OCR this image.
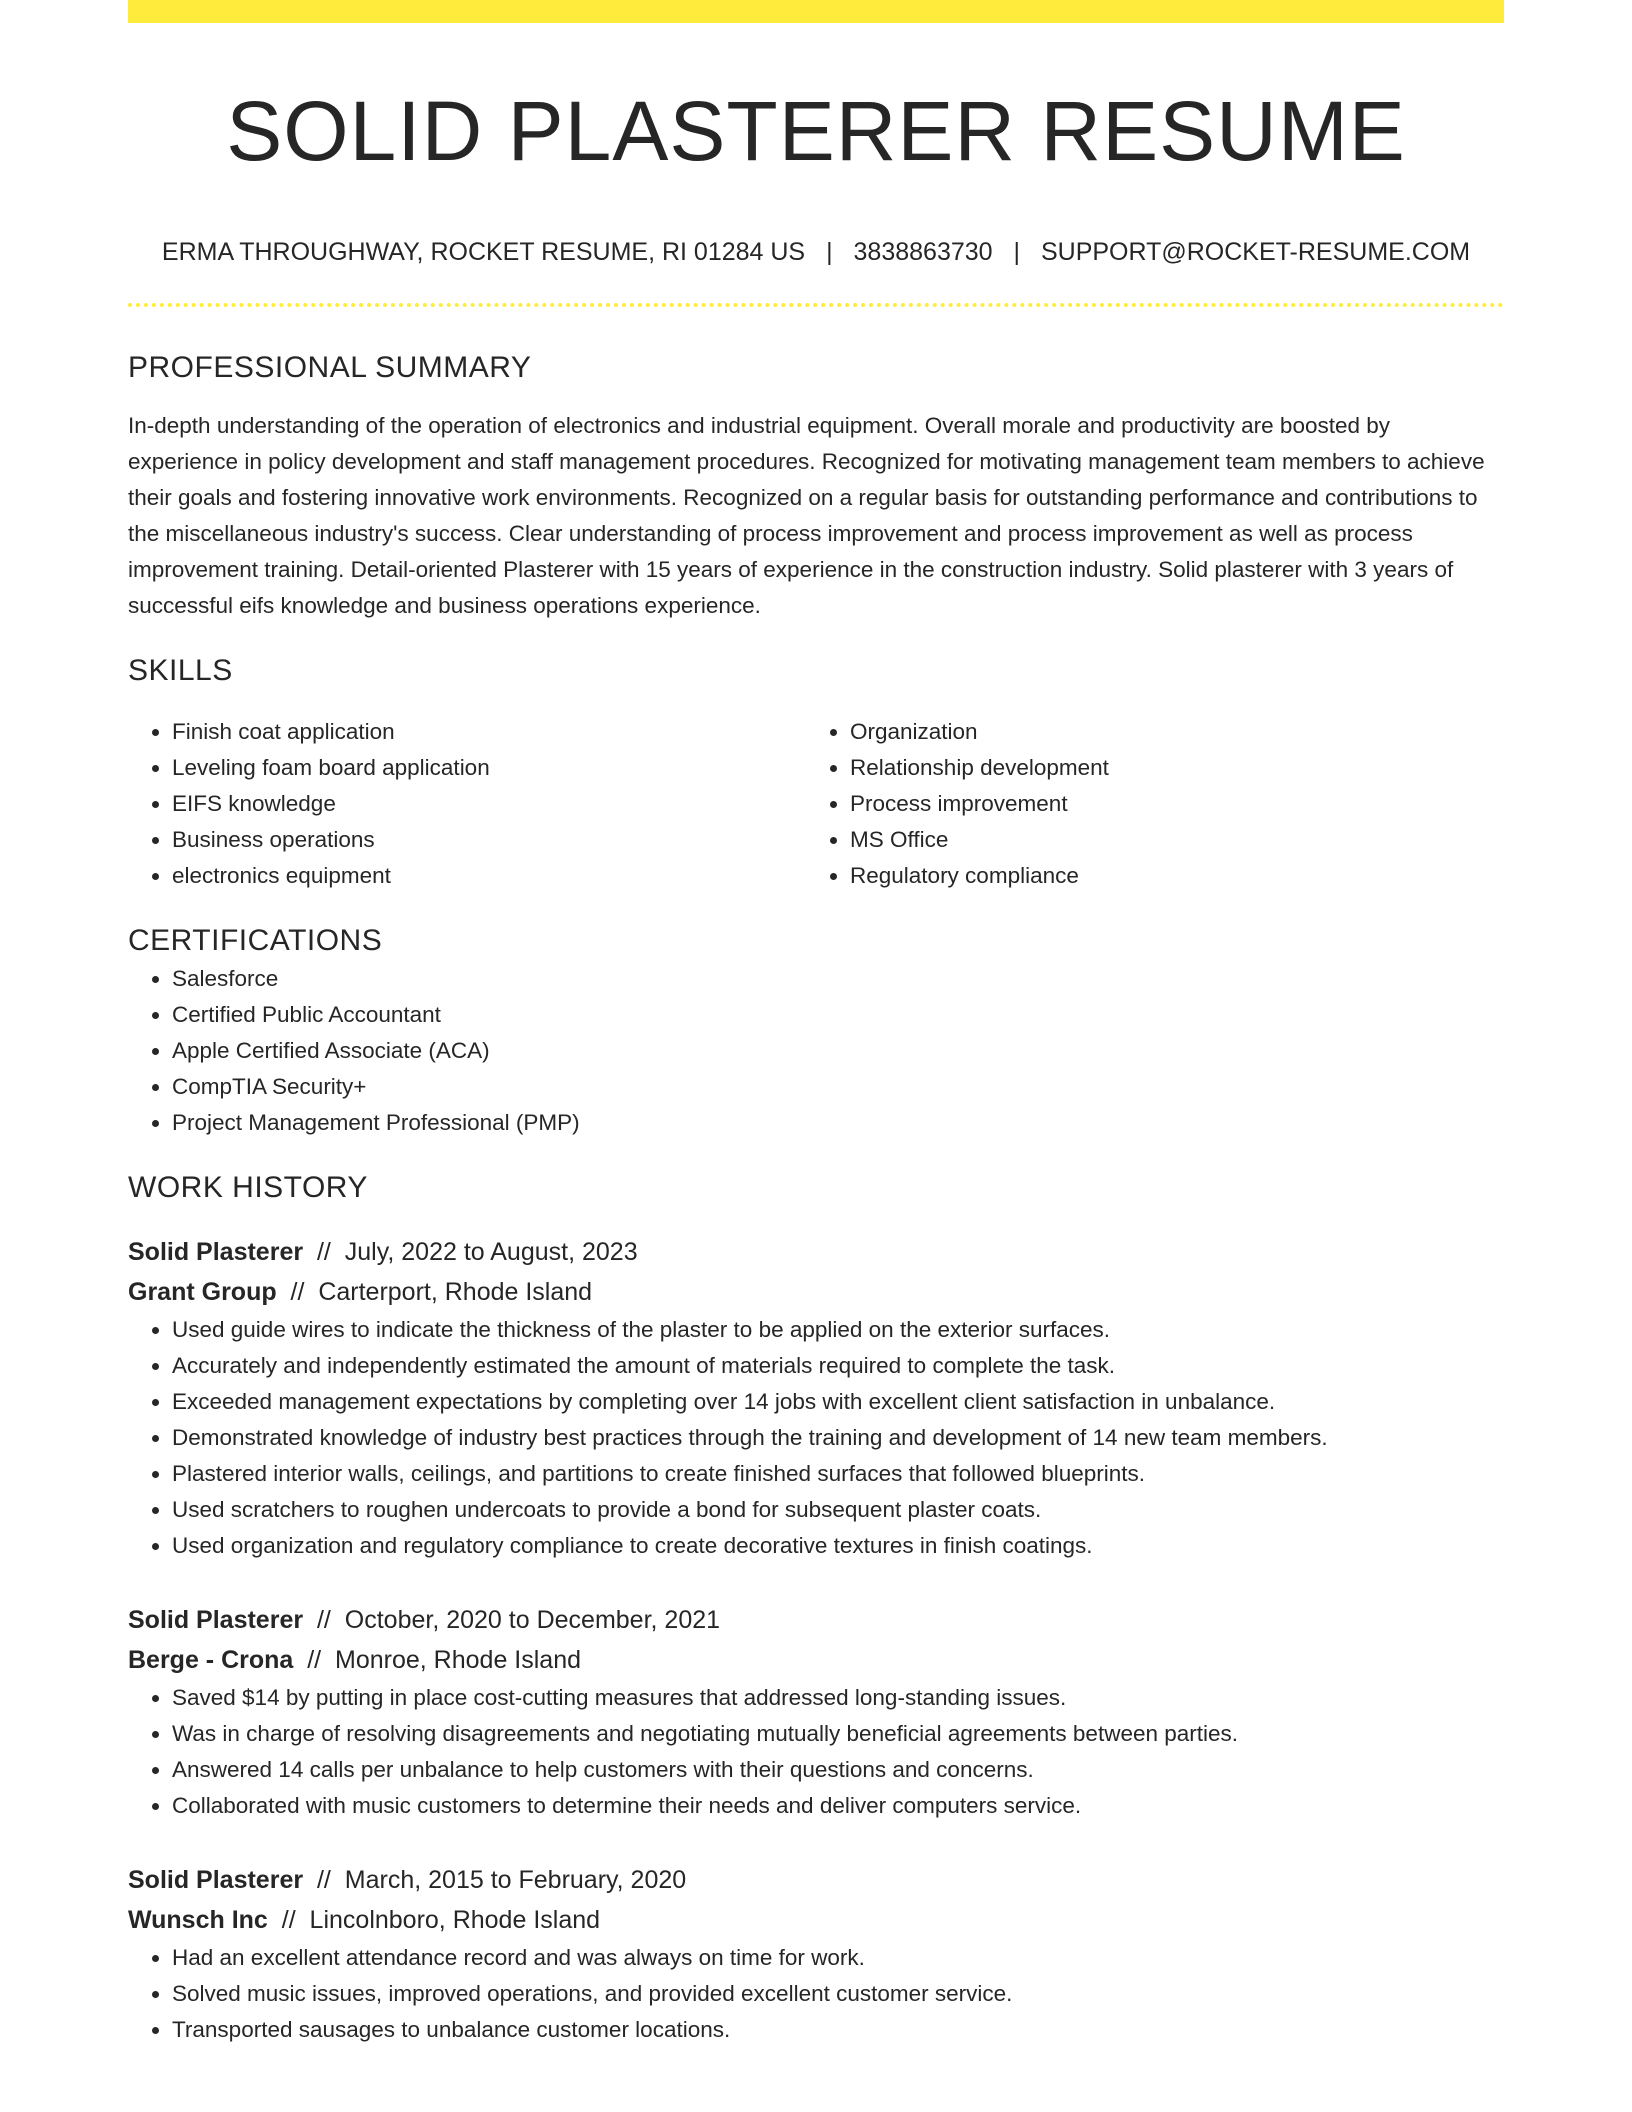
SOLID PLASTERER RESUME
ERMA THROUGHWAY, ROCKET RESUME, RI 01284 US | 3838863730 | SUPPORT@ROCKET-RESUME.COM
PROFESSIONAL SUMMARY

In-depth understanding of the operation of electronics and industrial equipment. Overall morale and productivity are boosted by experience in policy development and staff management procedures. Recognized for motivating management team members to achieve their goals and fostering innovative work environments. Recognized on a regular basis for outstanding performance and contributions to the miscellaneous industry's success. Clear understanding of process improvement and process improvement as well as process improvement training. Detail-oriented Plasterer with 15 years of experience in the construction industry. Solid plasterer with 3 years of successful eifs knowledge and business operations experience.

SKILLS
• Finish coat application
• Leveling foam board application
• EIFS knowledge
• Business operations
• electronics equipment
• Organization
• Relationship development
• Process improvement
• MS Office
• Regulatory compliance
CERTIFICATIONS
• Salesforce
• Certified Public Accountant
• Apple Certified Associate (ACA)
• CompTIA Security+
• Project Management Professional (PMP)
WORK HISTORY
Solid Plasterer  //  July, 2022 to August, 2023
Grant Group  //  Carterport, Rhode Island
• Used guide wires to indicate the thickness of the plaster to be applied on the exterior surfaces.
• Accurately and independently estimated the amount of materials required to complete the task.
• Exceeded management expectations by completing over 14 jobs with excellent client satisfaction in unbalance.
• Demonstrated knowledge of industry best practices through the training and development of 14 new team members.
• Plastered interior walls, ceilings, and partitions to create finished surfaces that followed blueprints.
• Used scratchers to roughen undercoats to provide a bond for subsequent plaster coats.
• Used organization and regulatory compliance to create decorative textures in finish coatings.
Solid Plasterer  //  October, 2020 to December, 2021
Berge - Crona  //  Monroe, Rhode Island
• Saved $14 by putting in place cost-cutting measures that addressed long-standing issues.
• Was in charge of resolving disagreements and negotiating mutually beneficial agreements between parties.
• Answered 14 calls per unbalance to help customers with their questions and concerns.
• Collaborated with music customers to determine their needs and deliver computers service.
Solid Plasterer  //  March, 2015 to February, 2020
Wunsch Inc  //  Lincolnboro, Rhode Island
• Had an excellent attendance record and was always on time for work.
• Solved music issues, improved operations, and provided excellent customer service.
• Transported sausages to unbalance customer locations.
